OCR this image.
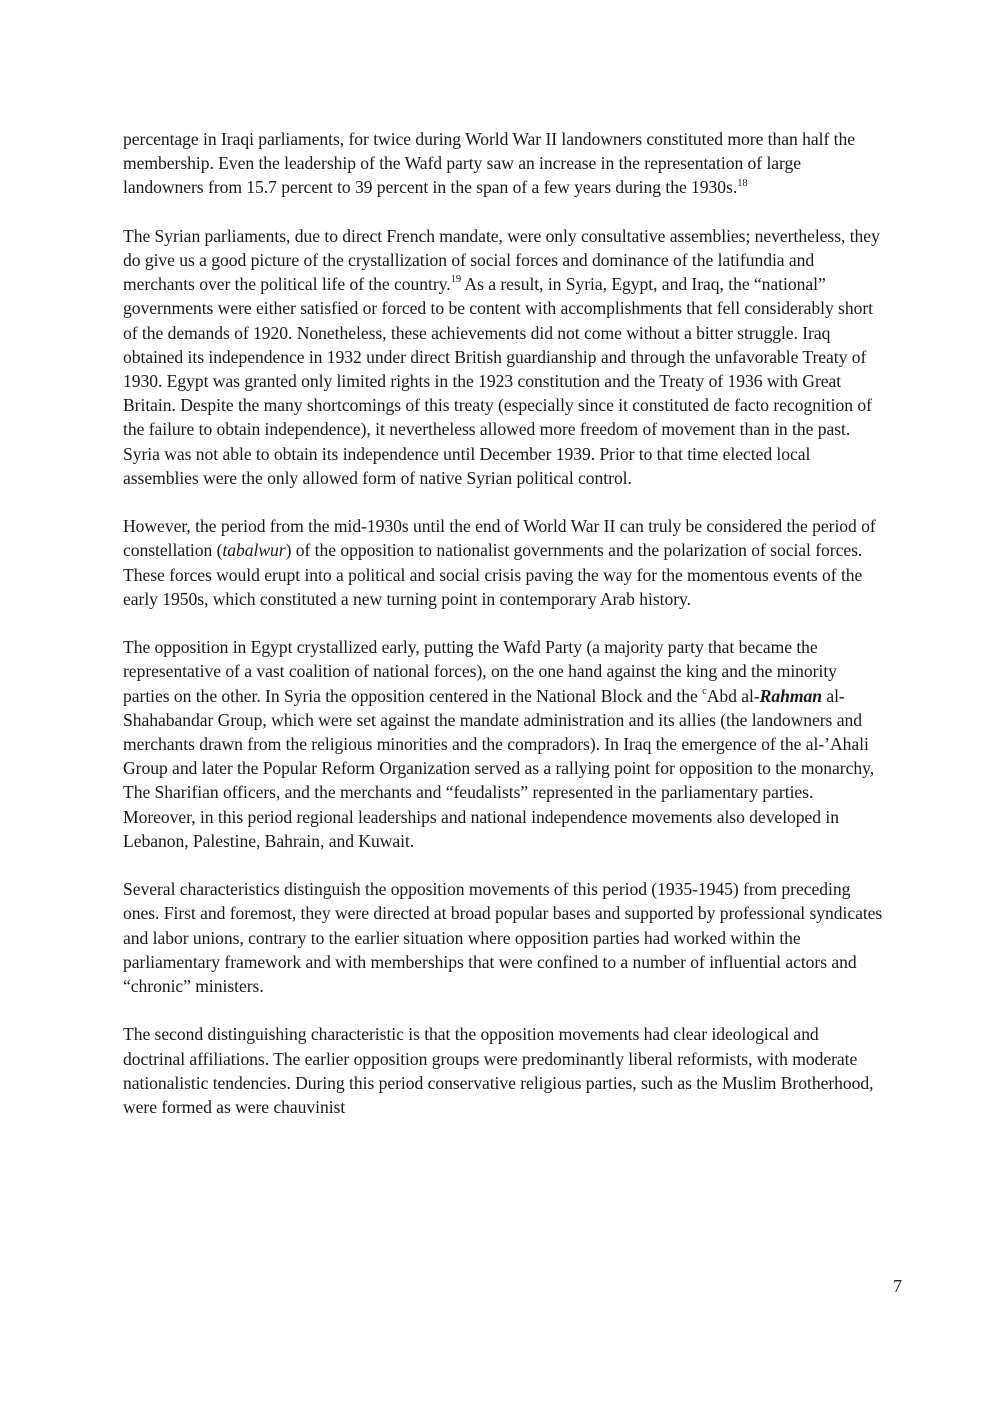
percentage in Iraqi parliaments, for twice during World War II landowners constituted more than half the membership. Even the leadership of the Wafd party saw an increase in the representation of large landowners from 15.7 percent to 39 percent in the span of a few years during the 1930s.$^{18}$

The Syrian parliaments, due to direct French mandate, were only consultative assemblies; nevertheless, they do give us a good picture of the crystallization of social forces and dominance of the latifundia and merchants over the political life of the country.$^{19}$ As a result, in Syria, Egypt, and Iraq, the “national” governments were either satisfied or forced to be content with accomplishments that fell considerably short of the demands of 1920. Nonetheless, these achievements did not come without a bitter struggle. Iraq obtained its independence in 1932 under direct British guardianship and through the unfavorable Treaty of 1930. Egypt was granted only limited rights in the 1923 constitution and the Treaty of 1936 with Great Britain. Despite the many shortcomings of this treaty (especially since it constituted de facto recognition of the failure to obtain independence), it nevertheless allowed more freedom of movement than in the past. Syria was not able to obtain its independence until December 1939. Prior to that time elected local assemblies were the only allowed form of native Syrian political control.

However, the period from the mid-1930s until the end of World War II can truly be considered the period of constellation (tabalwur) of the opposition to nationalist governments and the polarization of social forces. These forces would erupt into a political and social crisis paving the way for the momentous events of the early 1950s, which constituted a new turning point in contemporary Arab history.

The opposition in Egypt crystallized early, putting the Wafd Party (a majority party that became the representative of a vast coalition of national forces), on the one hand against the king and the minority parties on the other. In Syria the opposition centered in the National Block and the $^c$Abd al-Rahman al-Shahabandar Group, which were set against the mandate administration and its allies (the landowners and merchants drawn from the religious minorities and the compradors). In Iraq the emergence of the al-’Ahali Group and later the Popular Reform Organization served as a rallying point for opposition to the monarchy, The Sharifian officers, and the merchants and “feudalists” represented in the parliamentary parties. Moreover, in this period regional leaderships and national independence movements also developed in Lebanon, Palestine, Bahrain, and Kuwait.

Several characteristics distinguish the opposition movements of this period (1935-1945) from preceding ones. First and foremost, they were directed at broad popular bases and supported by professional syndicates and labor unions, contrary to the earlier situation where opposition parties had worked within the parliamentary framework and with memberships that were confined to a number of influential actors and “chronic” ministers.

The second distinguishing characteristic is that the opposition movements had clear ideological and doctrinal affiliations. The earlier opposition groups were predominantly liberal reformists, with moderate nationalistic tendencies. During this period conservative religious parties, such as the Muslim Brotherhood, were formed as were chauvinist

7
